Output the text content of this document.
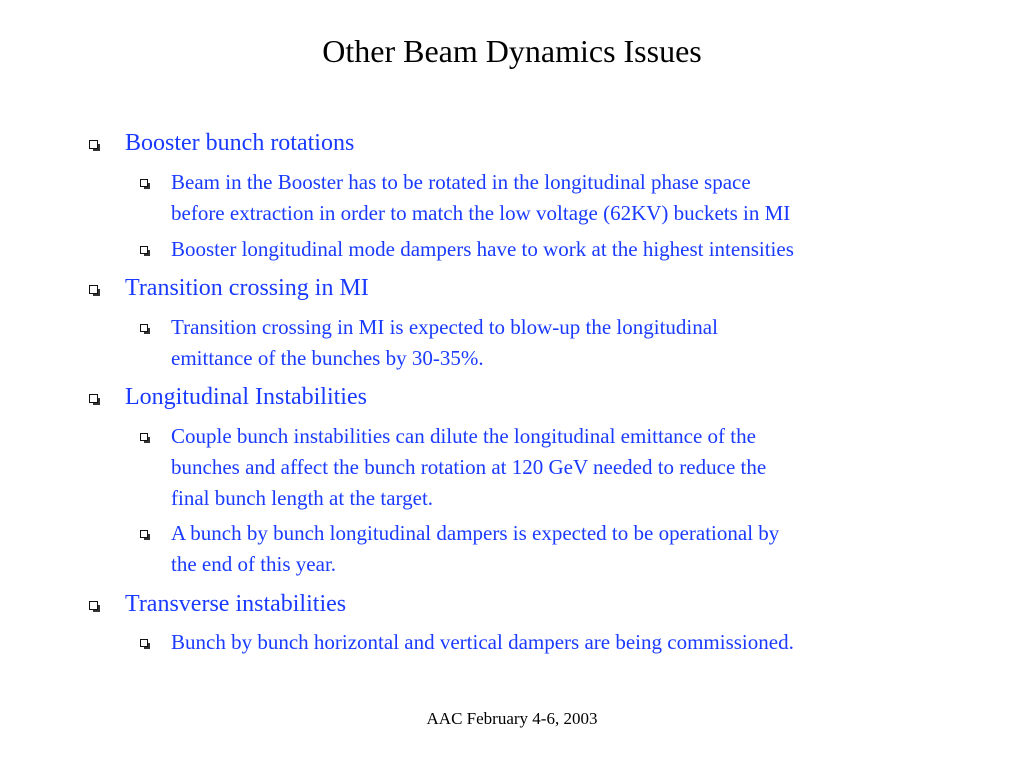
Other Beam Dynamics Issues
Booster bunch rotations
Beam in the Booster has to be rotated in the longitudinal phase space
before extraction in order to match the low voltage (62KV) buckets in MI
Booster longitudinal mode dampers have to work at the highest intensities
Transition crossing in MI
Transition crossing in MI is expected to blow-up the longitudinal
emittance of the bunches by 30-35%.
Longitudinal Instabilities
Couple bunch instabilities can dilute the longitudinal emittance of the
bunches and affect the bunch rotation at 120 GeV needed to reduce the
final bunch length at the target.
A bunch by bunch longitudinal dampers is expected to be operational by
the end of this year.
Transverse instabilities
Bunch by bunch horizontal and vertical dampers are being commissioned.
AAC February 4-6, 2003
